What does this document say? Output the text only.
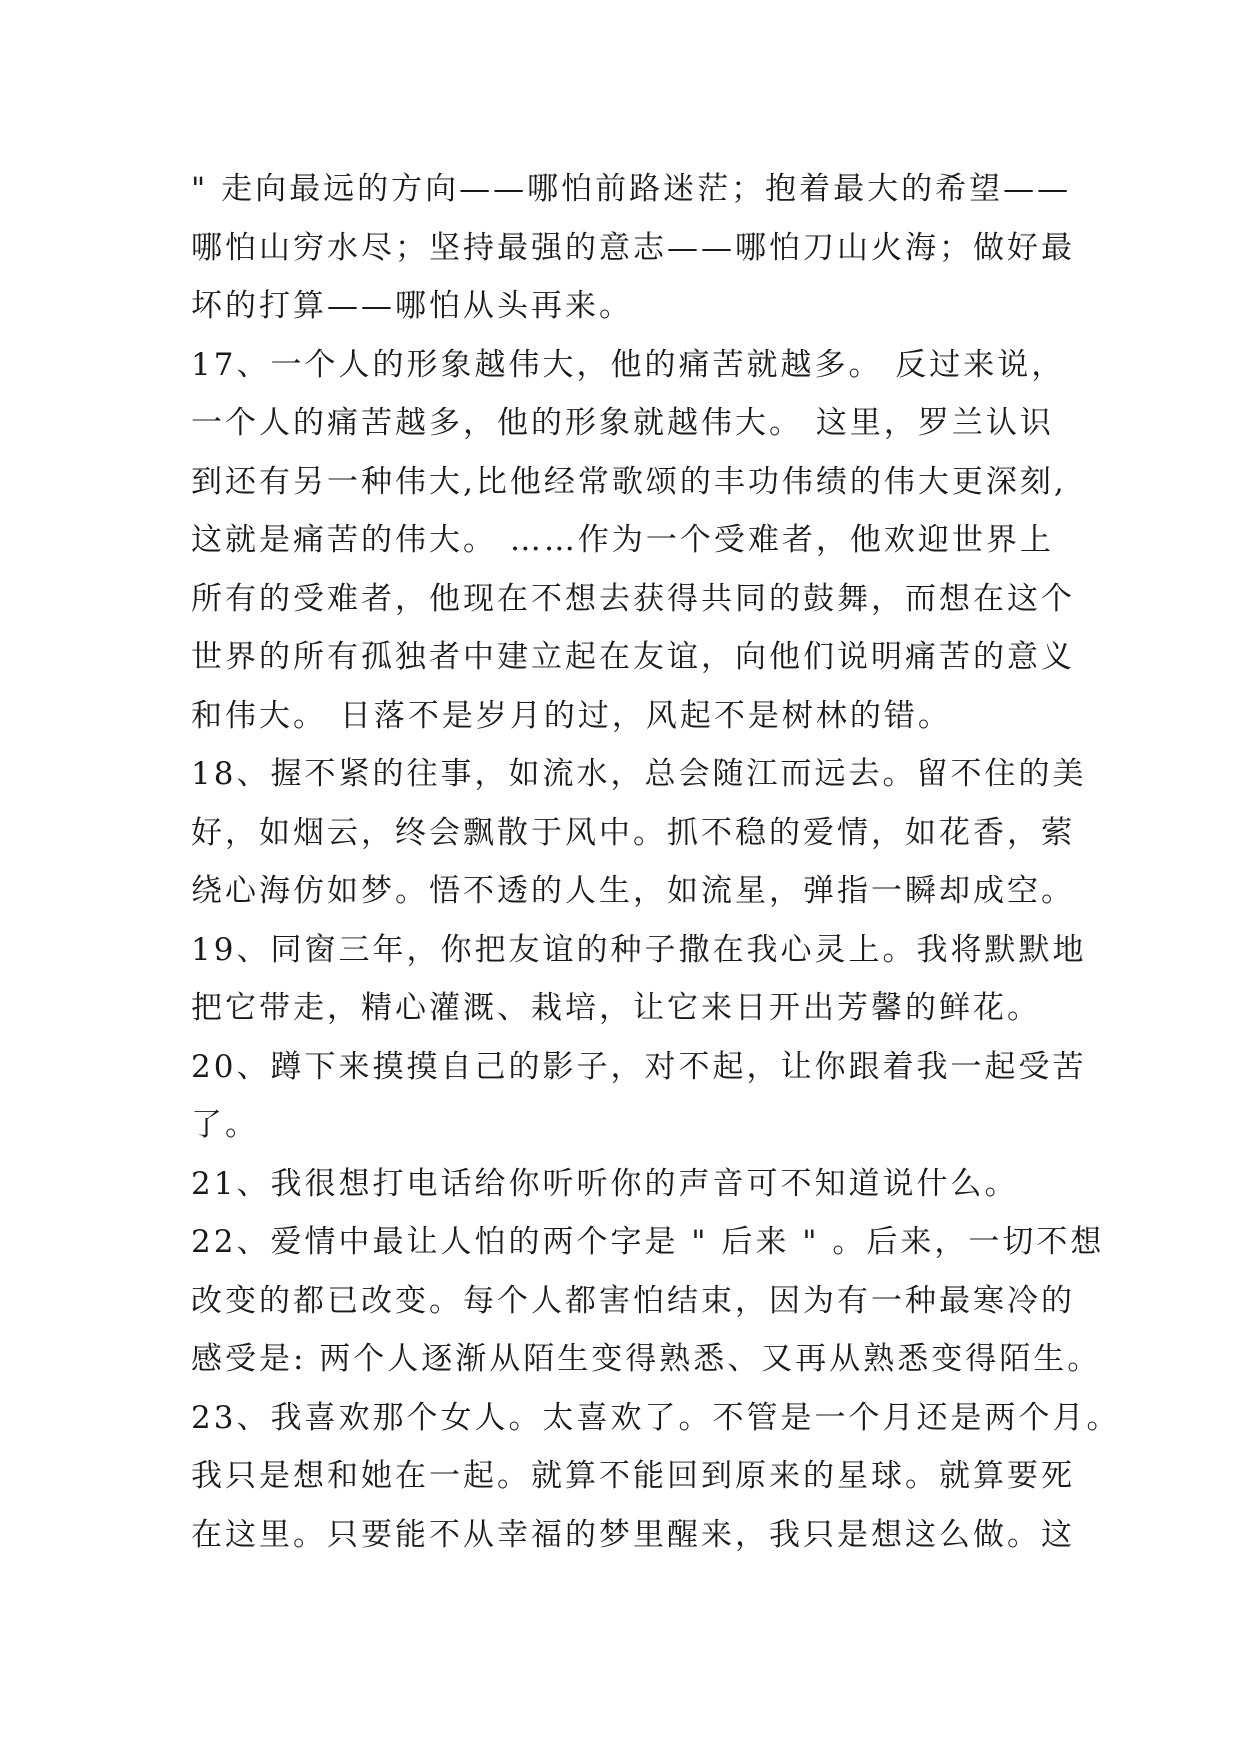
" 走向最远的方向——哪怕前路迷茫；抱着最大的希望——
哪怕山穷水尽；坚持最强的意志——哪怕刀山火海；做好最
坏的打算——哪怕从头再来。
17、一个人的形象越伟大，他的痛苦就越多。 反过来说，
一个人的痛苦越多，他的形象就越伟大。 这里，罗兰认识
到还有另一种伟大,比他经常歌颂的丰功伟绩的伟大更深刻,
这就是痛苦的伟大。 ……作为一个受难者，他欢迎世界上
所有的受难者，他现在不想去获得共同的鼓舞，而想在这个
世界的所有孤独者中建立起在友谊，向他们说明痛苦的意义
和伟大。 日落不是岁月的过，风起不是树林的错。
18、握不紧的往事，如流水，总会随江而远去。留不住的美
好，如烟云，终会飘散于风中。抓不稳的爱情，如花香，萦
绕心海仿如梦。悟不透的人生，如流星，弹指一瞬却成空。
19、同窗三年，你把友谊的种子撒在我心灵上。我将默默地
把它带走，精心灌溉、栽培，让它来日开出芳馨的鲜花。
20、蹲下来摸摸自己的影子，对不起，让你跟着我一起受苦
了。
21、我很想打电话给你听听你的声音可不知道说什么。
22、爱情中最让人怕的两个字是 " 后来 " 。后来，一切不想
改变的都已改变。每个人都害怕结束，因为有一种最寒冷的
感受是: 两个人逐渐从陌生变得熟悉、又再从熟悉变得陌生。
23、我喜欢那个女人。太喜欢了。不管是一个月还是两个月。
我只是想和她在一起。就算不能回到原来的星球。就算要死
在这里。只要能不从幸福的梦里醒来，我只是想这么做。这
